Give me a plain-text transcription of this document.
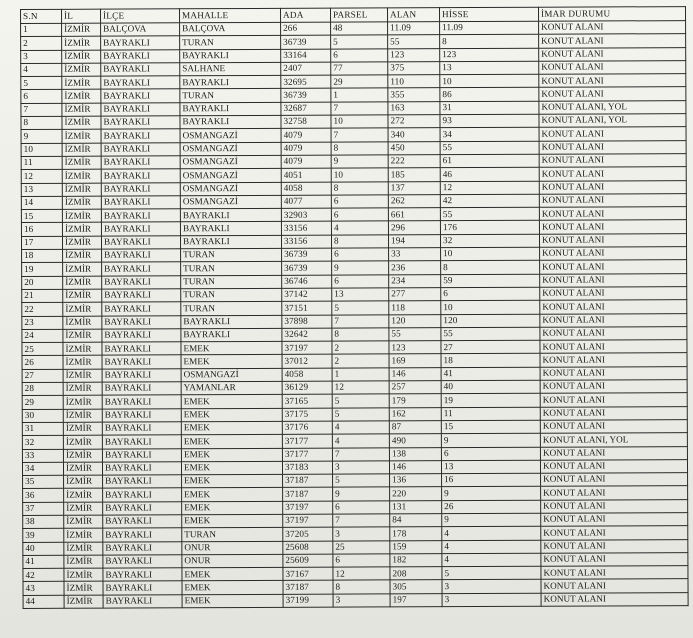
S.N	İL	İLÇE	MAHALLE	ADA	PARSEL	ALAN	HİSSE	İMAR DURUMU
1	İZMİR	BALÇOVA	BALÇOVA	266	48	11.09	11.09	KONUT ALANI
2	İZMİR	BAYRAKLI	TURAN	36739	5	55	8	KONUT ALANI
3	İZMİR	BAYRAKLI	BAYRAKLI	33164	6	123	123	KONUT ALANI
4	İZMİR	BAYRAKLI	SALHANE	2407	77	375	13	KONUT ALANI
5	İZMİR	BAYRAKLI	BAYRAKLI	32695	29	110	10	KONUT ALANI
6	İZMİR	BAYRAKLI	TURAN	36739	1	355	86	KONUT ALANI
7	İZMİR	BAYRAKLI	BAYRAKLI	32687	7	163	31	KONUT ALANI, YOL
8	İZMİR	BAYRAKLI	BAYRAKLI	32758	10	272	93	KONUT ALANI, YOL
9	İZMİR	BAYRAKLI	OSMANGAZİ	4079	7	340	34	KONUT ALANI
10	İZMİR	BAYRAKLI	OSMANGAZİ	4079	8	450	55	KONUT ALANI
11	İZMİR	BAYRAKLI	OSMANGAZİ	4079	9	222	61	KONUT ALANI
12	İZMİR	BAYRAKLI	OSMANGAZİ	4051	10	185	46	KONUT ALANI
13	İZMİR	BAYRAKLI	OSMANGAZİ	4058	8	137	12	KONUT ALANI
14	İZMİR	BAYRAKLI	OSMANGAZİ	4077	6	262	42	KONUT ALANI
15	İZMİR	BAYRAKLI	BAYRAKLI	32903	6	661	55	KONUT ALANI
16	İZMİR	BAYRAKLI	BAYRAKLI	33156	4	296	176	KONUT ALANI
17	İZMİR	BAYRAKLI	BAYRAKLI	33156	8	194	32	KONUT ALANI
18	İZMİR	BAYRAKLI	TURAN	36739	6	33	10	KONUT ALANI
19	İZMİR	BAYRAKLI	TURAN	36739	9	236	8	KONUT ALANI
20	İZMİR	BAYRAKLI	TURAN	36746	6	234	59	KONUT ALANI
21	İZMİR	BAYRAKLI	TURAN	37142	13	277	6	KONUT ALANI
22	İZMİR	BAYRAKLI	TURAN	37151	5	118	10	KONUT ALANI
23	İZMİR	BAYRAKLI	BAYRAKLI	37898	7	120	120	KONUT ALANI
24	İZMİR	BAYRAKLI	BAYRAKLI	32642	8	55	55	KONUT ALANI
25	İZMİR	BAYRAKLI	EMEK	37197	2	123	27	KONUT ALANI
26	İZMİR	BAYRAKLI	EMEK	37012	2	169	18	KONUT ALANI
27	İZMİR	BAYRAKLI	OSMANGAZİ	4058	1	146	41	KONUT ALANI
28	İZMİR	BAYRAKLI	YAMANLAR	36129	12	257	40	KONUT ALANI
29	İZMİR	BAYRAKLI	EMEK	37165	5	179	19	KONUT ALANI
30	İZMİR	BAYRAKLI	EMEK	37175	5	162	11	KONUT ALANI
31	İZMİR	BAYRAKLI	EMEK	37176	4	87	15	KONUT ALANI
32	İZMİR	BAYRAKLI	EMEK	37177	4	490	9	KONUT ALANI, YOL
33	İZMİR	BAYRAKLI	EMEK	37177	7	138	6	KONUT ALANI
34	İZMİR	BAYRAKLI	EMEK	37183	3	146	13	KONUT ALANI
35	İZMİR	BAYRAKLI	EMEK	37187	5	136	16	KONUT ALANI
36	İZMİR	BAYRAKLI	EMEK	37187	9	220	9	KONUT ALANI
37	İZMİR	BAYRAKLI	EMEK	37197	6	131	26	KONUT ALANI
38	İZMİR	BAYRAKLI	EMEK	37197	7	84	9	KONUT ALANI
39	İZMİR	BAYRAKLI	TURAN	37205	3	178	4	KONUT ALANI
40	İZMİR	BAYRAKLI	ONUR	25608	25	159	4	KONUT ALANI
41	İZMİR	BAYRAKLI	ONUR	25609	6	182	4	KONUT ALANI
42	İZMİR	BAYRAKLI	EMEK	37167	12	208	5	KONUT ALANI
43	İZMİR	BAYRAKLI	EMEK	37187	8	305	3	KONUT ALANI
44	İZMİR	BAYRAKLI	EMEK	37199	3	197	3	KONUT ALANI
